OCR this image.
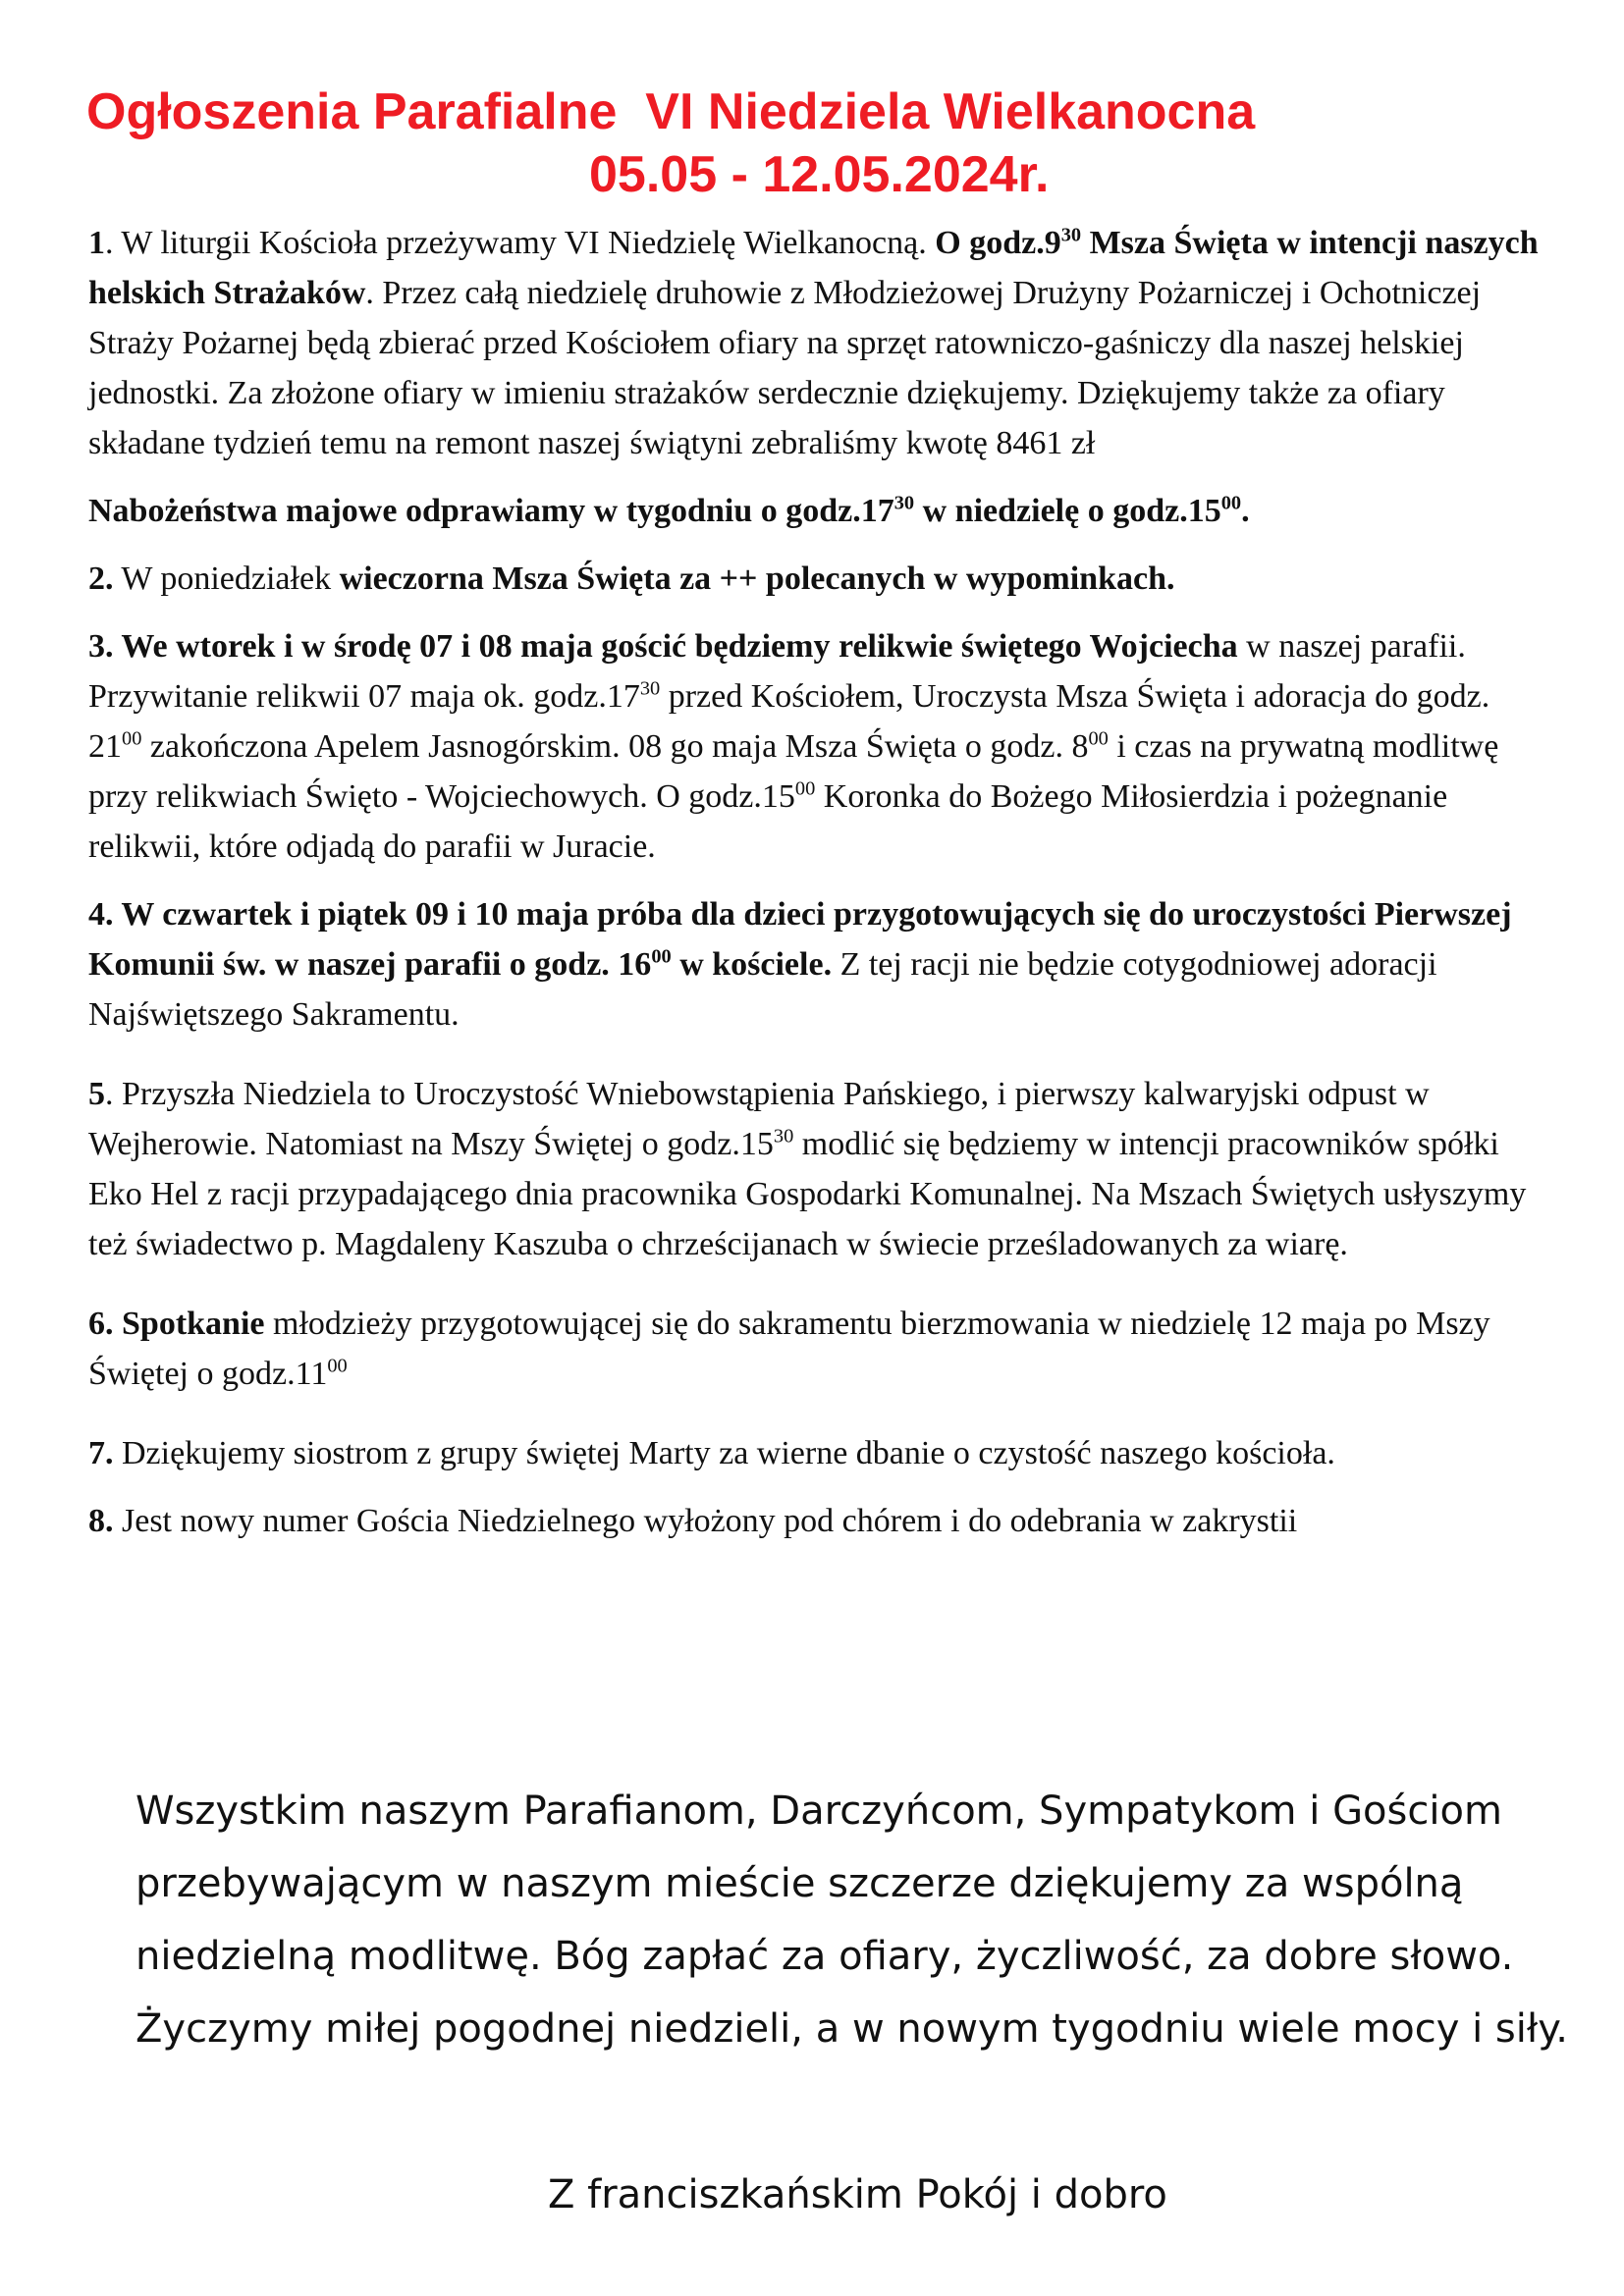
Ogłoszenia Parafialne  VI Niedziela Wielkanocna
05.05 - 12.05.2024r.

1. W liturgii Kościoła przeżywamy VI Niedzielę Wielkanocną. O $godz.9^{30}$ Msza Święta w intencji naszych helskich Strażaków. Przez całą niedzielę druhowie z Młodzieżowej Drużyny Pożarniczej i Ochotniczej Straży Pożarnej będą zbierać przed Kościołem ofiary na sprzęt ratowniczo-gaśniczy dla naszej helskiej jednostki. Za złożone ofiary w imieniu strażaków serdecznie dziękujemy. Dziękujemy także za ofiary składane tydzień temu na remont naszej świątyni zebraliśmy kwotę 8461 zł

Nabożeństwa majowe odprawiamy w tygodniu o $godz.17^{30}$ w niedzielę o $godz.15^{00}$.

2. W poniedziałek wieczorna Msza Święta za ++ polecanych w wypominkach.

3. We wtorek i w środę 07 i 08 maja gościć będziemy relikwie świętego Wojciecha w naszej parafii. Przywitanie relikwii 07 maja ok. $godz.17^{30}$ przed Kościołem, Uroczysta Msza Święta i adoracja do godz. $21^{00}$ zakończona Apelem Jasnogórskim. 08 go maja Msza Święta o godz. $8^{00}$ i czas na prywatną modlitwę przy relikwiach Święto - Wojciechowych. O $godz.15^{00}$ Koronka do Bożego Miłosierdzia i pożegnanie relikwii, które odjadą do parafii w Juracie.

4. W czwartek i piątek 09 i 10 maja próba dla dzieci przygotowujących się do uroczystości Pierwszej Komunii św. w naszej parafii o godz. $16^{00}$ w kościele. Z tej racji nie będzie cotygodniowej adoracji Najświętszego Sakramentu.

5. Przyszła Niedziela to Uroczystość Wniebowstąpienia Pańskiego, i pierwszy kalwaryjski odpust w Wejherowie. Natomiast na Mszy Świętej o $godz.15^{30}$ modlić się będziemy w intencji pracowników spółki Eko Hel z racji przypadającego dnia pracownika Gospodarki Komunalnej. Na Mszach Świętych usłyszymy też świadectwo p. Magdaleny Kaszuba o chrześcijanach w świecie prześladowanych za wiarę.

6. Spotkanie młodzieży przygotowującej się do sakramentu bierzmowania w niedzielę 12 maja po Mszy Świętej o $godz.11^{00}$

7. Dziękujemy siostrom z grupy świętej Marty za wierne dbanie o czystość naszego kościoła.

8. Jest nowy numer Gościa Niedzielnego wyłożony pod chórem i do odebrania w zakrystii

Wszystkim naszym Parafianom, Darczyńcom, Sympatykom i Gościom przebywającym w naszym mieście szczerze dziękujemy za wspólną niedzielną modlitwę. Bóg zapłać za ofiary, życzliwość, za dobre słowo. Życzymy miłej pogodnej niedzieli, a w nowym tygodniu wiele mocy i siły.
Z franciszkańskim Pokój i dobro
